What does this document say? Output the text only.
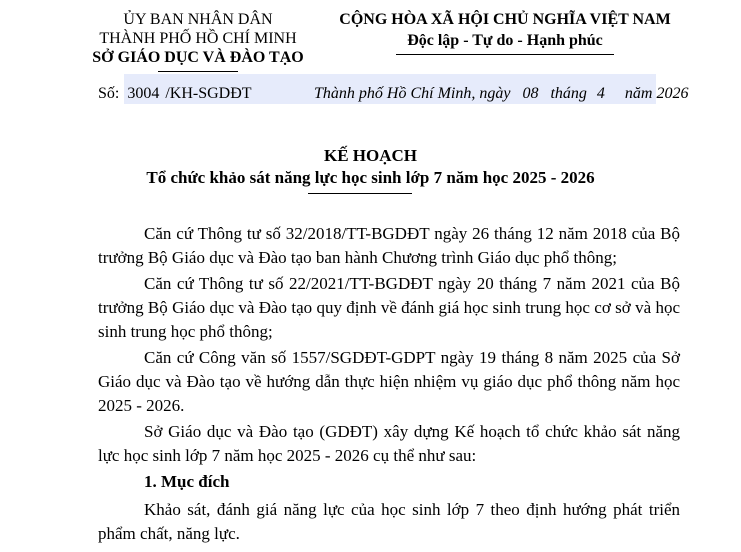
ỦY BAN NHÂN DÂN
THÀNH PHỐ HỒ CHÍ MINH
SỞ GIÁO DỤC VÀ ĐÀO TẠO
CỘNG HÒA XÃ HỘI CHỦ NGHĨA VIỆT NAM
Độc lập - Tự do - Hạnh phúc
Số: 3004 /KH-SGDĐT	Thành phố Hồ Chí Minh, ngày 08 tháng 4 năm 2026
KẾ HOẠCH
Tổ chức khảo sát năng lực học sinh lớp 7 năm học 2025 - 2026
Căn cứ Thông tư số 32/2018/TT-BGDĐT ngày 26 tháng 12 năm 2018 của Bộ trưởng Bộ Giáo dục và Đào tạo ban hành Chương trình Giáo dục phổ thông;
Căn cứ Thông tư số 22/2021/TT-BGDĐT ngày 20 tháng 7 năm 2021 của Bộ trưởng Bộ Giáo dục và Đào tạo quy định về đánh giá học sinh trung học cơ sở và học sinh trung học phổ thông;
Căn cứ Công văn số 1557/SGDĐT-GDPT ngày 19 tháng 8 năm 2025 của Sở Giáo dục và Đào tạo về hướng dẫn thực hiện nhiệm vụ giáo dục phổ thông năm học 2025 - 2026.
Sở Giáo dục và Đào tạo (GDĐT) xây dựng Kế hoạch tổ chức khảo sát năng lực học sinh lớp 7 năm học 2025 - 2026 cụ thể như sau:
1. Mục đích
Khảo sát, đánh giá năng lực của học sinh lớp 7 theo định hướng phát triển phẩm chất, năng lực.
